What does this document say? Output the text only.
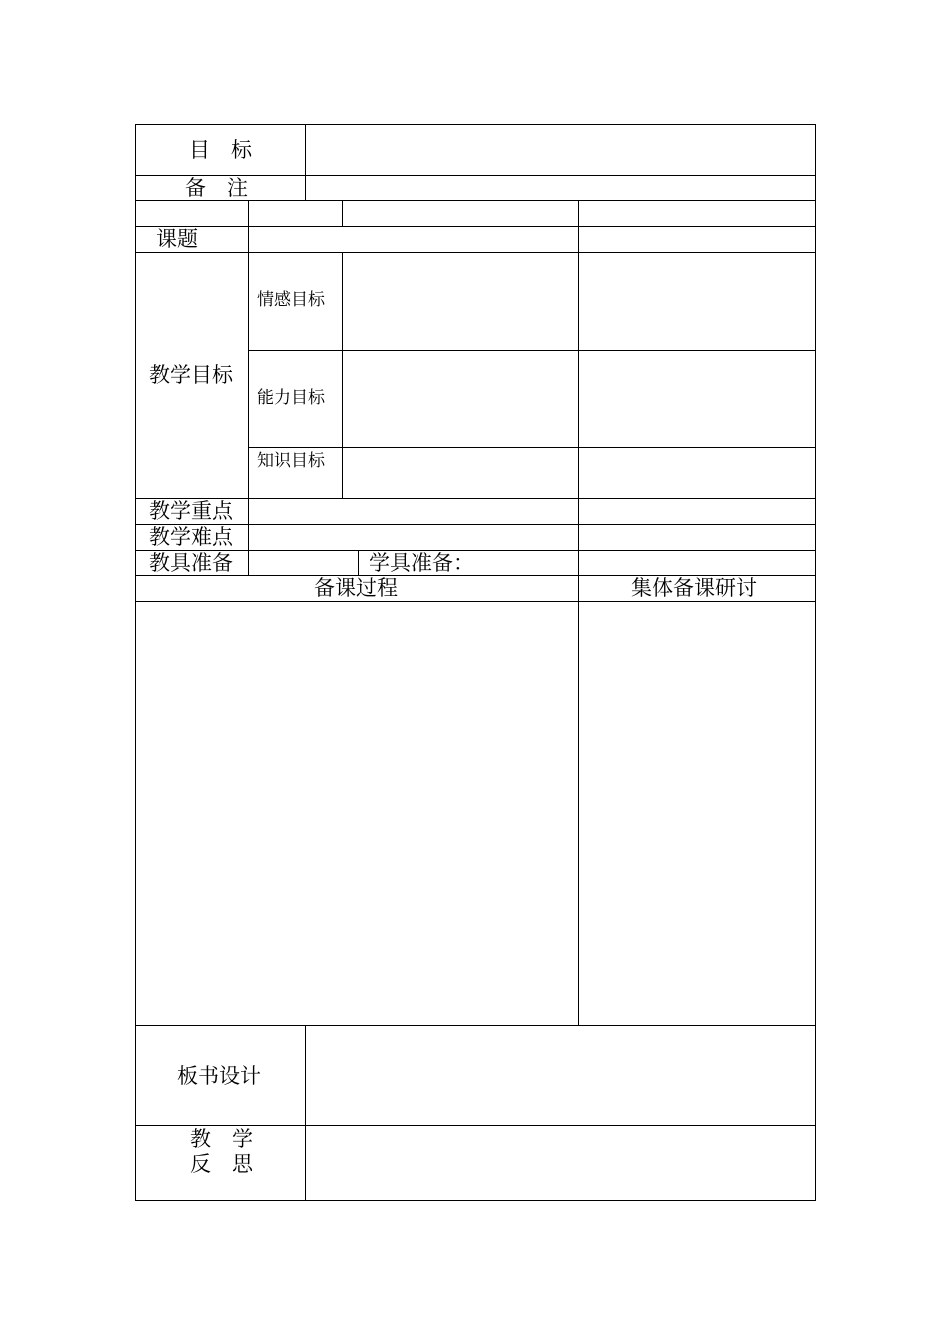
目　标
备　注
课题
教学目标
情感目标
能力目标
知识目标
教学重点
教学难点
教具准备	学具准备：
备课过程	集体备课研讨
板书设计
教　学
反　思
